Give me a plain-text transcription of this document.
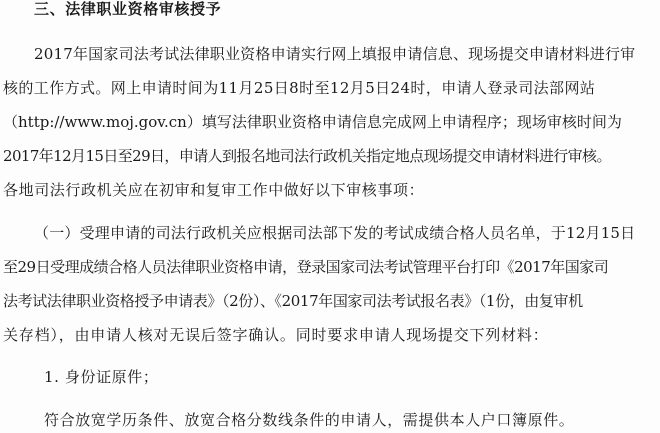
三、法律职业资格审核授予
2017年国家司法考试法律职业资格申请实行网上填报申请信息、现场提交申请材料进行审
核的工作方式。网上申请时间为11月25日8时至12月5日24时，申请人登录司法部网站
（http://www.moj.gov.cn）填写法律职业资格申请信息完成网上申请程序；现场审核时间为
2017年12月15日至29日，申请人到报名地司法行政机关指定地点现场提交申请材料进行审核。
各地司法行政机关应在初审和复审工作中做好以下审核事项：
（一）受理申请的司法行政机关应根据司法部下发的考试成绩合格人员名单，于12月15日
至29日受理成绩合格人员法律职业资格申请，登录国家司法考试管理平台打印《2017年国家司
法考试法律职业资格授予申请表》（2份）、《2017年国家司法考试报名表》（1份，由复审机
关存档），由申请人核对无误后签字确认。同时要求申请人现场提交下列材料：
1. 身份证原件；
符合放宽学历条件、放宽合格分数线条件的申请人，需提供本人户口簿原件。
